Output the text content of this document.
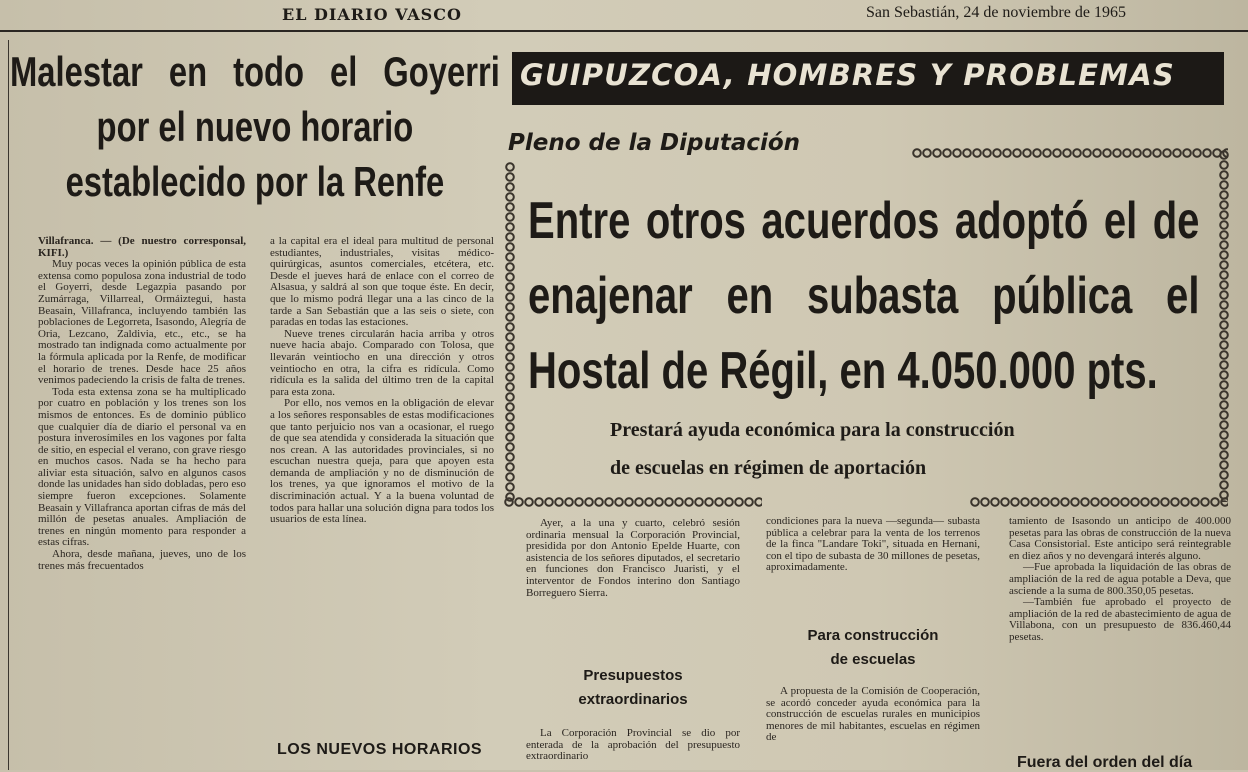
EL DIARIO VASCO	San Sebastián, 24 de noviembre de 1965
Malestar en todo el Goyerri
por el nuevo horario
establecido por la Renfe

Villafranca. — (De nuestro corresponsal, KIFI.)

Muy pocas veces la opinión pública de esta extensa como populosa zona industrial de todo el Goyerri, desde Legazpia pasando por Zumárraga, Villarreal, Ormáiztegui, hasta Beasain, Villafranca, incluyendo también las poblaciones de Legorreta, Isasondo, Alegría de Oria, Lezcano, Zaldivia, etc., etc., se ha mostrado tan indignada como actualmente por la fórmula aplicada por la Renfe, de modificar el horario de trenes. Desde hace 25 años venimos padeciendo la crisis de falta de trenes.

Toda esta extensa zona se ha multiplicado por cuatro en población y los trenes son los mismos de entonces. Es de dominio público que cualquier día de diario el personal va en postura inverosímiles en los vagones por falta de sitio, en especial el verano, con grave riesgo en muchos casos. Nada se ha hecho para aliviar esta situación, salvo en algunos casos donde las unidades han sido dobladas, pero eso siempre fueron excepciones. Solamente Beasain y Villafranca aportan cifras de más del millón de pesetas anuales. Ampliación de trenes en ningún momento para responder a estas cifras.

Ahora, desde mañana, jueves, uno de los trenes más frecuentados

a la capital era el ideal para multitud de personal estudiantes, industriales, visitas médico-quirúrgicas, asuntos comerciales, etcétera, etc. Desde el jueves hará de enlace con el correo de Alsasua, y saldrá al son que toque éste. En decir, que lo mismo podrá llegar una a las cinco de la tarde a San Sebastián que a las seis o siete, con paradas en todas las estaciones.

Nueve trenes circularán hacia arriba y otros nueve hacia abajo. Comparado con Tolosa, que llevarán veintiocho en una dirección y otros veintiocho en otra, la cifra es ridícula. Como ridícula es la salida del último tren de la capital para esta zona.

Por ello, nos vemos en la obligación de elevar a los señores responsables de estas modificaciones que tanto perjuicio nos van a ocasionar, el ruego de que sea atendida y considerada la situación que nos crean. A las autoridades provinciales, si no escuchan nuestra queja, para que apoyen esta demanda de ampliación y no de disminución de los trenes, ya que ignoramos el motivo de la discriminación actual. Y a la buena voluntad de todos para hallar una solución digna para todos los usuarios de esta línea.

LOS NUEVOS HORARIOS
GUIPUZCOA, HOMBRES Y PROBLEMAS
Pleno de la Diputación
Entre otros acuerdos adoptó el de
enajenar en subasta pública el
Hostal de Régil, en 4.050.000 pts.
Prestará ayuda económica para la construcción
de escuelas en régimen de aportación

Ayer, a la una y cuarto, celebró sesión ordinaria mensual la Corporación Provincial, presidida por don Antonio Epelde Huarte, con asistencia de los señores diputados, el secretario en funciones don Francisco Juaristi, y el interventor de Fondos interino don Santiago Borreguero Sierra.

Presupuestos
extraordinarios

La Corporación Provincial se dio por enterada de la aprobación del presupuesto extraordinario

condiciones para la nueva —segunda— subasta pública a celebrar para la venta de los terrenos de la finca "Landare Toki", situada en Hernani, con el tipo de subasta de 30 millones de pesetas, aproximadamente.

Para construcción
de escuelas

A propuesta de la Comisión de Cooperación, se acordó conceder ayuda económica para la construcción de escuelas rurales en municipios menores de mil habitantes, escuelas en régimen de

tamiento de Isasondo un anticipo de 400.000 pesetas para las obras de construcción de la nueva Casa Consistorial. Este anticipo será reintegrable en diez años y no devengará interés alguno.

—Fue aprobada la liquidación de las obras de ampliación de la red de agua potable a Deva, que asciende a la suma de 800.350,05 pesetas.

—También fue aprobado el proyecto de ampliación de la red de abastecimiento de agua de Villabona, con un presupuesto de 836.460,44 pesetas.

Fuera del orden del día
